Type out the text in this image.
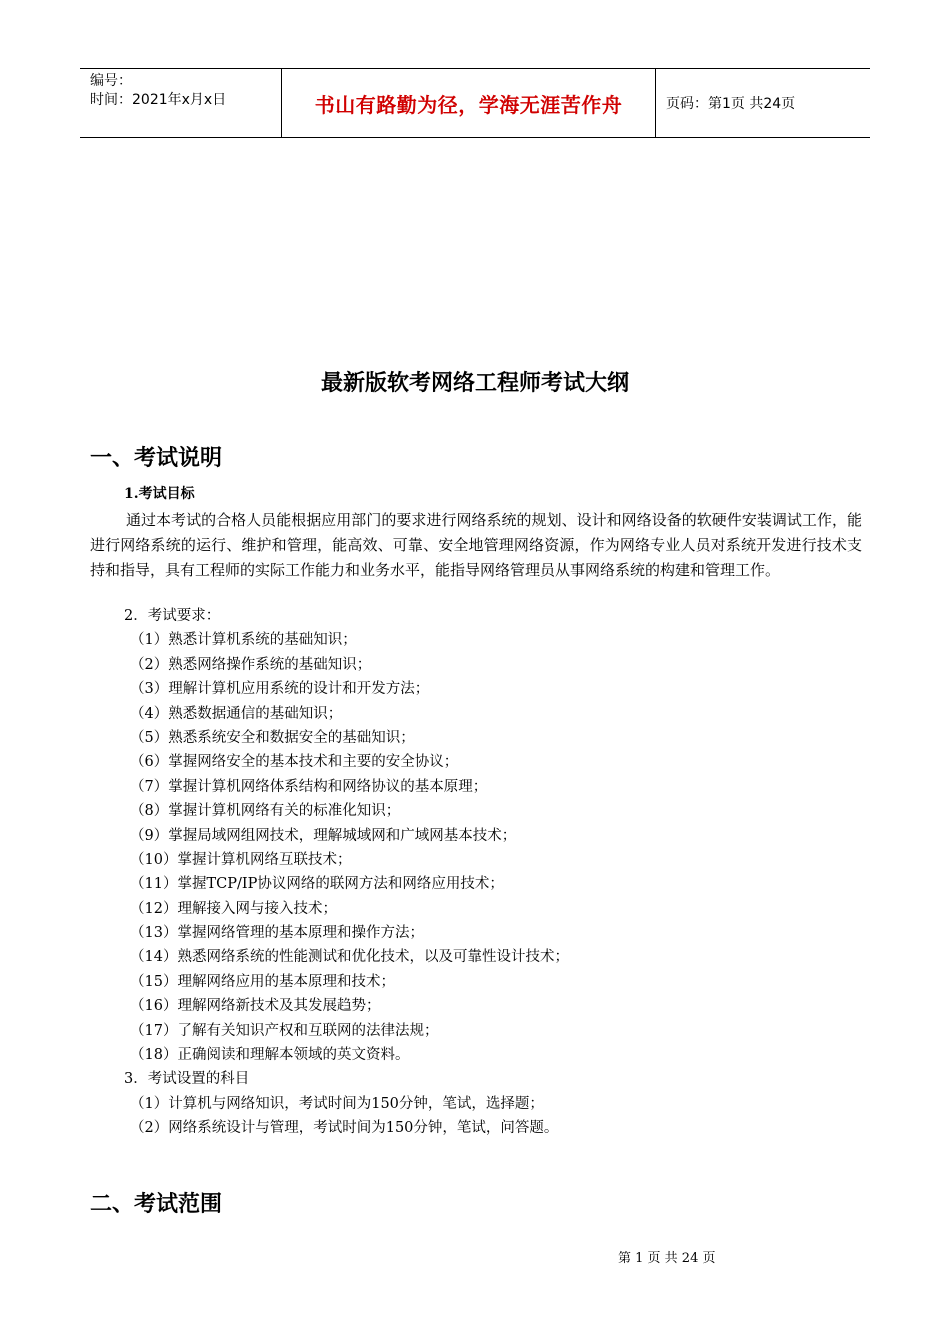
编号：
时间：2021年x月x日	书山有路勤为径，学海无涯苦作舟	页码：第1页 共24页
最新版软考网络工程师考试大纲
一、考试说明
1.考试目标
通过本考试的合格人员能根据应用部门的要求进行网络系统的规划、设计和网络设备的软硬件安装调试工作，能进行网络系统的运行、维护和管理，能高效、可靠、安全地管理网络资源，作为网络专业人员对系统开发进行技术支持和指导，具有工程师的实际工作能力和业务水平，能指导网络管理员从事网络系统的构建和管理工作。
2．考试要求：
（1）熟悉计算机系统的基础知识；
（2）熟悉网络操作系统的基础知识；
（3）理解计算机应用系统的设计和开发方法；
（4）熟悉数据通信的基础知识；
（5）熟悉系统安全和数据安全的基础知识；
（6）掌握网络安全的基本技术和主要的安全协议；
（7）掌握计算机网络体系结构和网络协议的基本原理；
（8）掌握计算机网络有关的标准化知识；
（9）掌握局域网组网技术，理解城域网和广域网基本技术；
（10）掌握计算机网络互联技术；
（11）掌握TCP/IP协议网络的联网方法和网络应用技术；
（12）理解接入网与接入技术；
（13）掌握网络管理的基本原理和操作方法；
（14）熟悉网络系统的性能测试和优化技术，以及可靠性设计技术；
（15）理解网络应用的基本原理和技术；
（16）理解网络新技术及其发展趋势；
（17）了解有关知识产权和互联网的法律法规；
（18）正确阅读和理解本领域的英文资料。
3．考试设置的科目
（1）计算机与网络知识，考试时间为150分钟，笔试，选择题；
（2）网络系统设计与管理，考试时间为150分钟，笔试，问答题。
二、考试范围
第 1 页 共 24 页
